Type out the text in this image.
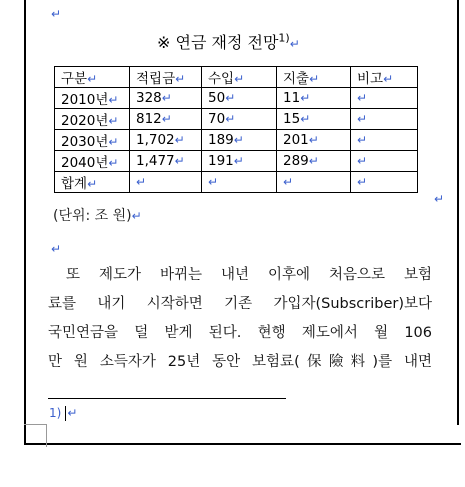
↵
※ 연금 재정 전망$^{1)}$↵
구분↵	적립금↵	수입↵	지출↵	비고↵
2010년↵	328↵	50↵	11↵	↵
2020년↵	812↵	70↵	15↵	↵
2030년↵	1,702↵	189↵	201↵	↵
2040년↵	1,477↵	191↵	289↵	↵
합계↵	↵	↵	↵	↵
↵
(단위: 조 원)↵
↵
또 제도가 바뀌는 내년 이후에 처음으로 보험
료를 내기 시작하면 기존 가입자(Subscriber)보다
국민연금을 덜 받게 된다. 현행 제도에서 월 106
만 원 소득자가 25년 동안 보험료(保險料)를 내면
1) ↵
